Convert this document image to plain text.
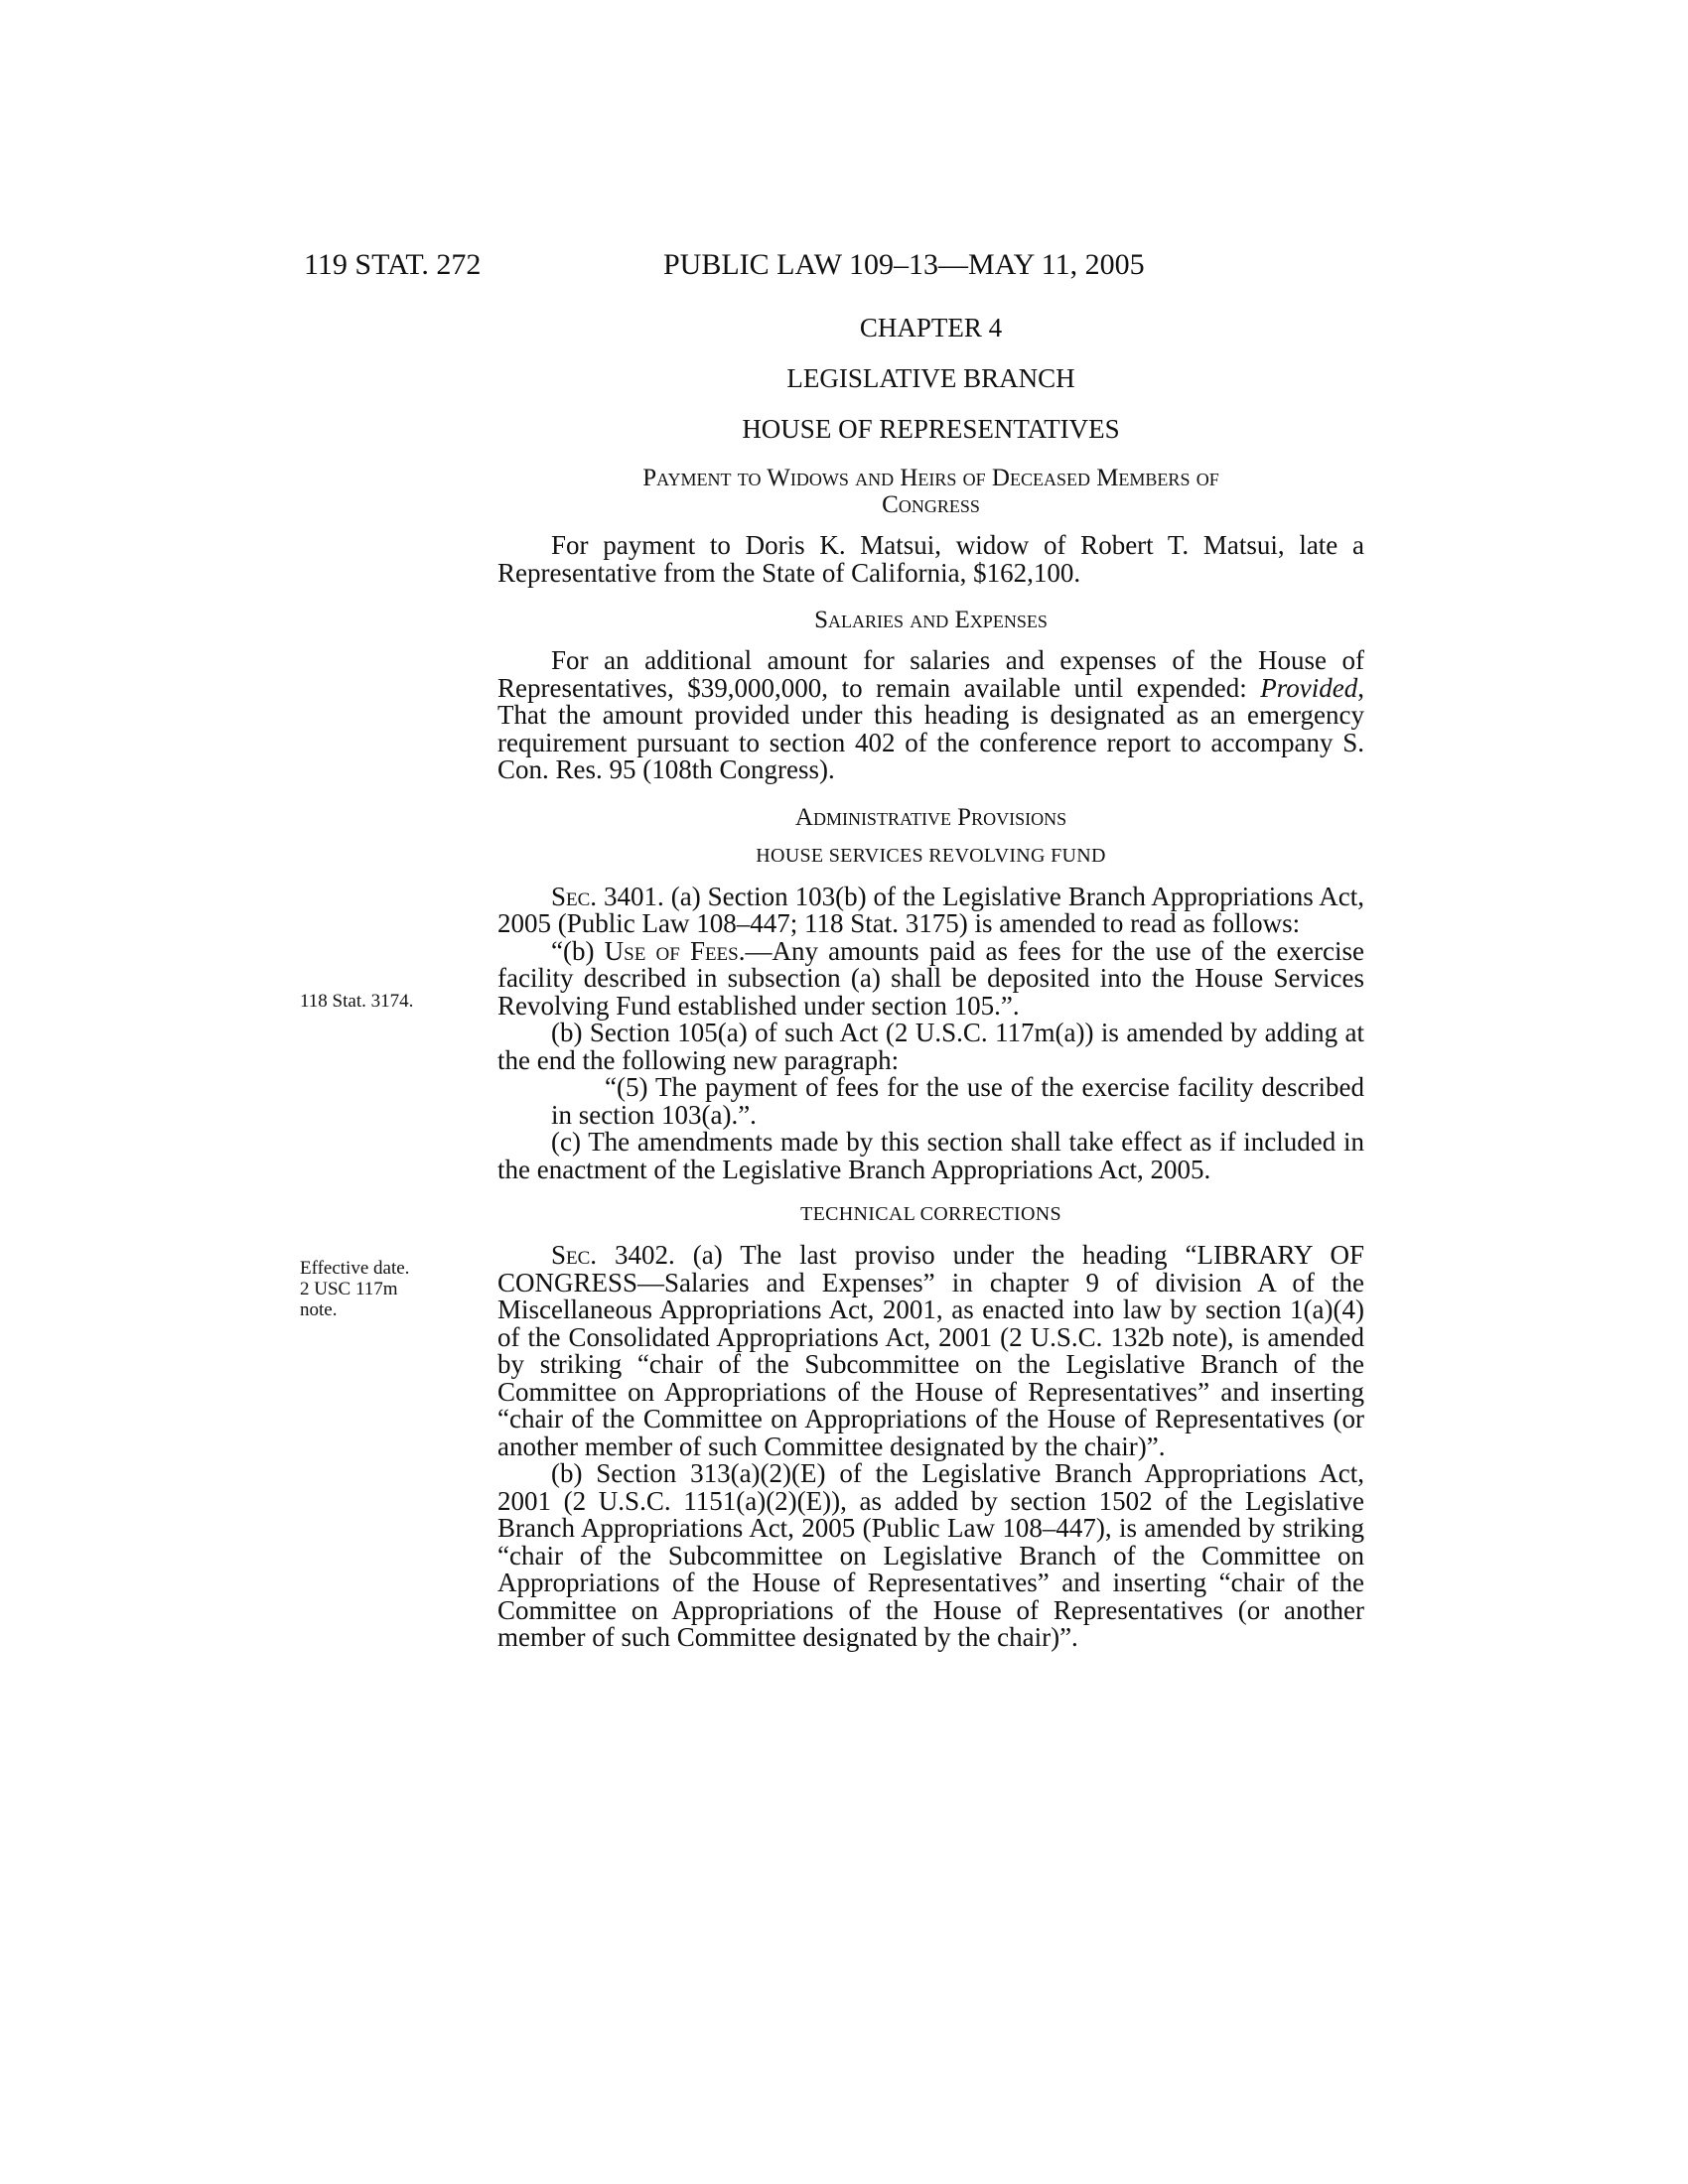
119 STAT. 272	PUBLIC LAW 109–13—MAY 11, 2005
118 Stat. 3174.
Effective date.
2 USC 117m
note.
CHAPTER 4
LEGISLATIVE BRANCH
HOUSE OF REPRESENTATIVES
Payment to Widows and Heirs of Deceased Members of
Congress

For payment to Doris K. Matsui, widow of Robert T. Matsui, late a Representative from the State of California, $162,100.

Salaries and Expenses

For an additional amount for salaries and expenses of the House of Representatives, $39,000,000, to remain available until expended: Provided, That the amount provided under this heading is designated as an emergency requirement pursuant to section 402 of the conference report to accompany S. Con. Res. 95 (108th Congress).

Administrative Provisions
HOUSE SERVICES REVOLVING FUND

Sec. 3401. (a) Section 103(b) of the Legislative Branch Appropriations Act, 2005 (Public Law 108–447; 118 Stat. 3175) is amended to read as follows:

“(b) Use of Fees.—Any amounts paid as fees for the use of the exercise facility described in subsection (a) shall be deposited into the House Services Revolving Fund established under section 105.”.

(b) Section 105(a) of such Act (2 U.S.C. 117m(a)) is amended by adding at the end the following new paragraph:

“(5) The payment of fees for the use of the exercise facility described in section 103(a).”.

(c) The amendments made by this section shall take effect as if included in the enactment of the Legislative Branch Appropriations Act, 2005.

TECHNICAL CORRECTIONS

Sec. 3402. (a) The last proviso under the heading “LIBRARY OF CONGRESS—Salaries and Expenses” in chapter 9 of division A of the Miscellaneous Appropriations Act, 2001, as enacted into law by section 1(a)(4) of the Consolidated Appropriations Act, 2001 (2 U.S.C. 132b note), is amended by striking “chair of the Subcommittee on the Legislative Branch of the Committee on Appropriations of the House of Representatives” and inserting “chair of the Committee on Appropriations of the House of Representatives (or another member of such Committee designated by the chair)”.

(b) Section 313(a)(2)(E) of the Legislative Branch Appropriations Act, 2001 (2 U.S.C. 1151(a)(2)(E)), as added by section 1502 of the Legislative Branch Appropriations Act, 2005 (Public Law 108–447), is amended by striking “chair of the Subcommittee on Legislative Branch of the Committee on Appropriations of the House of Representatives” and inserting “chair of the Committee on Appropriations of the House of Representatives (or another member of such Committee designated by the chair)”.
